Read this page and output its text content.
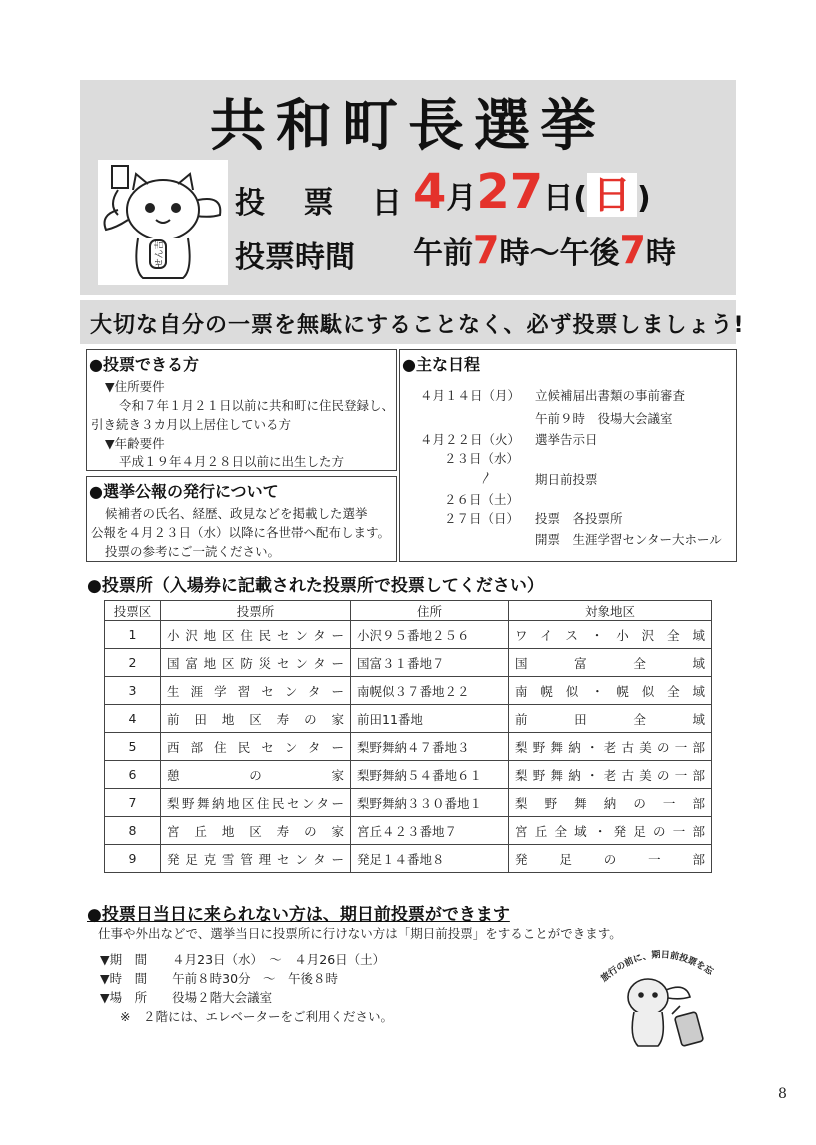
共和町長選挙
せん吉
投 票 日
4月27日( 日 )
投票時間 午前7時〜午後7時
大切な自分の一票を無駄にすることなく、必ず投票しましょう!
●投票できる方
▼住所要件
令和７年１月２１日以前に共和町に住民登録し、
引き続き３カ月以上居住している方
▼年齢要件
平成１９年４月２８日以前に出生した方
●選挙公報の発行について
候補者の氏名、経歴、政見などを掲載した選挙
公報を４月２３日（水）以降に各世帯へ配布します。
投票の参考にご一読ください。
●主な日程
４月１４日（月） 立候補届出書類の事前審査
午前９時　役場大会議室
４月２２日（火） 選挙告示日
２３日（水）
〳	期日前投票
２６日（土）
２７日（日） 投票　各投票所
開票　生涯学習センター大ホール
●投票所（入場券に記載された投票所で投票してください）
投票区	投票所	住所	対象地区
1	小沢地区住民センター	小沢９５番地２５６	ワイス・小沢全域
2	国富地区防災センター	国富３１番地７	国富全域
3	生涯学習センター	南幌似３７番地２２	南幌似・幌似全域
4	前田地区寿の家	前田11番地	前田全域
5	西部住民センター	梨野舞納４７番地３	梨野舞納・老古美の一部
6	憩の家	梨野舞納５４番地６１	梨野舞納・老古美の一部
7	梨野舞納地区住民センター	梨野舞納３３０番地１	梨野舞納の一部
8	宮丘地区寿の家	宮丘４２３番地７	宮丘全域・発足の一部
9	発足克雪管理センター	発足１４番地８	発足の一部
●投票日当日に来られない方は、期日前投票ができます
仕事や外出などで、選挙当日に投票所に行けない方は「期日前投票」をすることができます。
▼期　間　　４月23日（水）　〜　４月26日（土）
▼時　間　　午前８時30分　〜　午後８時
▼場　所　　役場２階大会議室
※　２階には、エレベーターをご利用ください。
旅行の前に、期日前投票を忘
8
